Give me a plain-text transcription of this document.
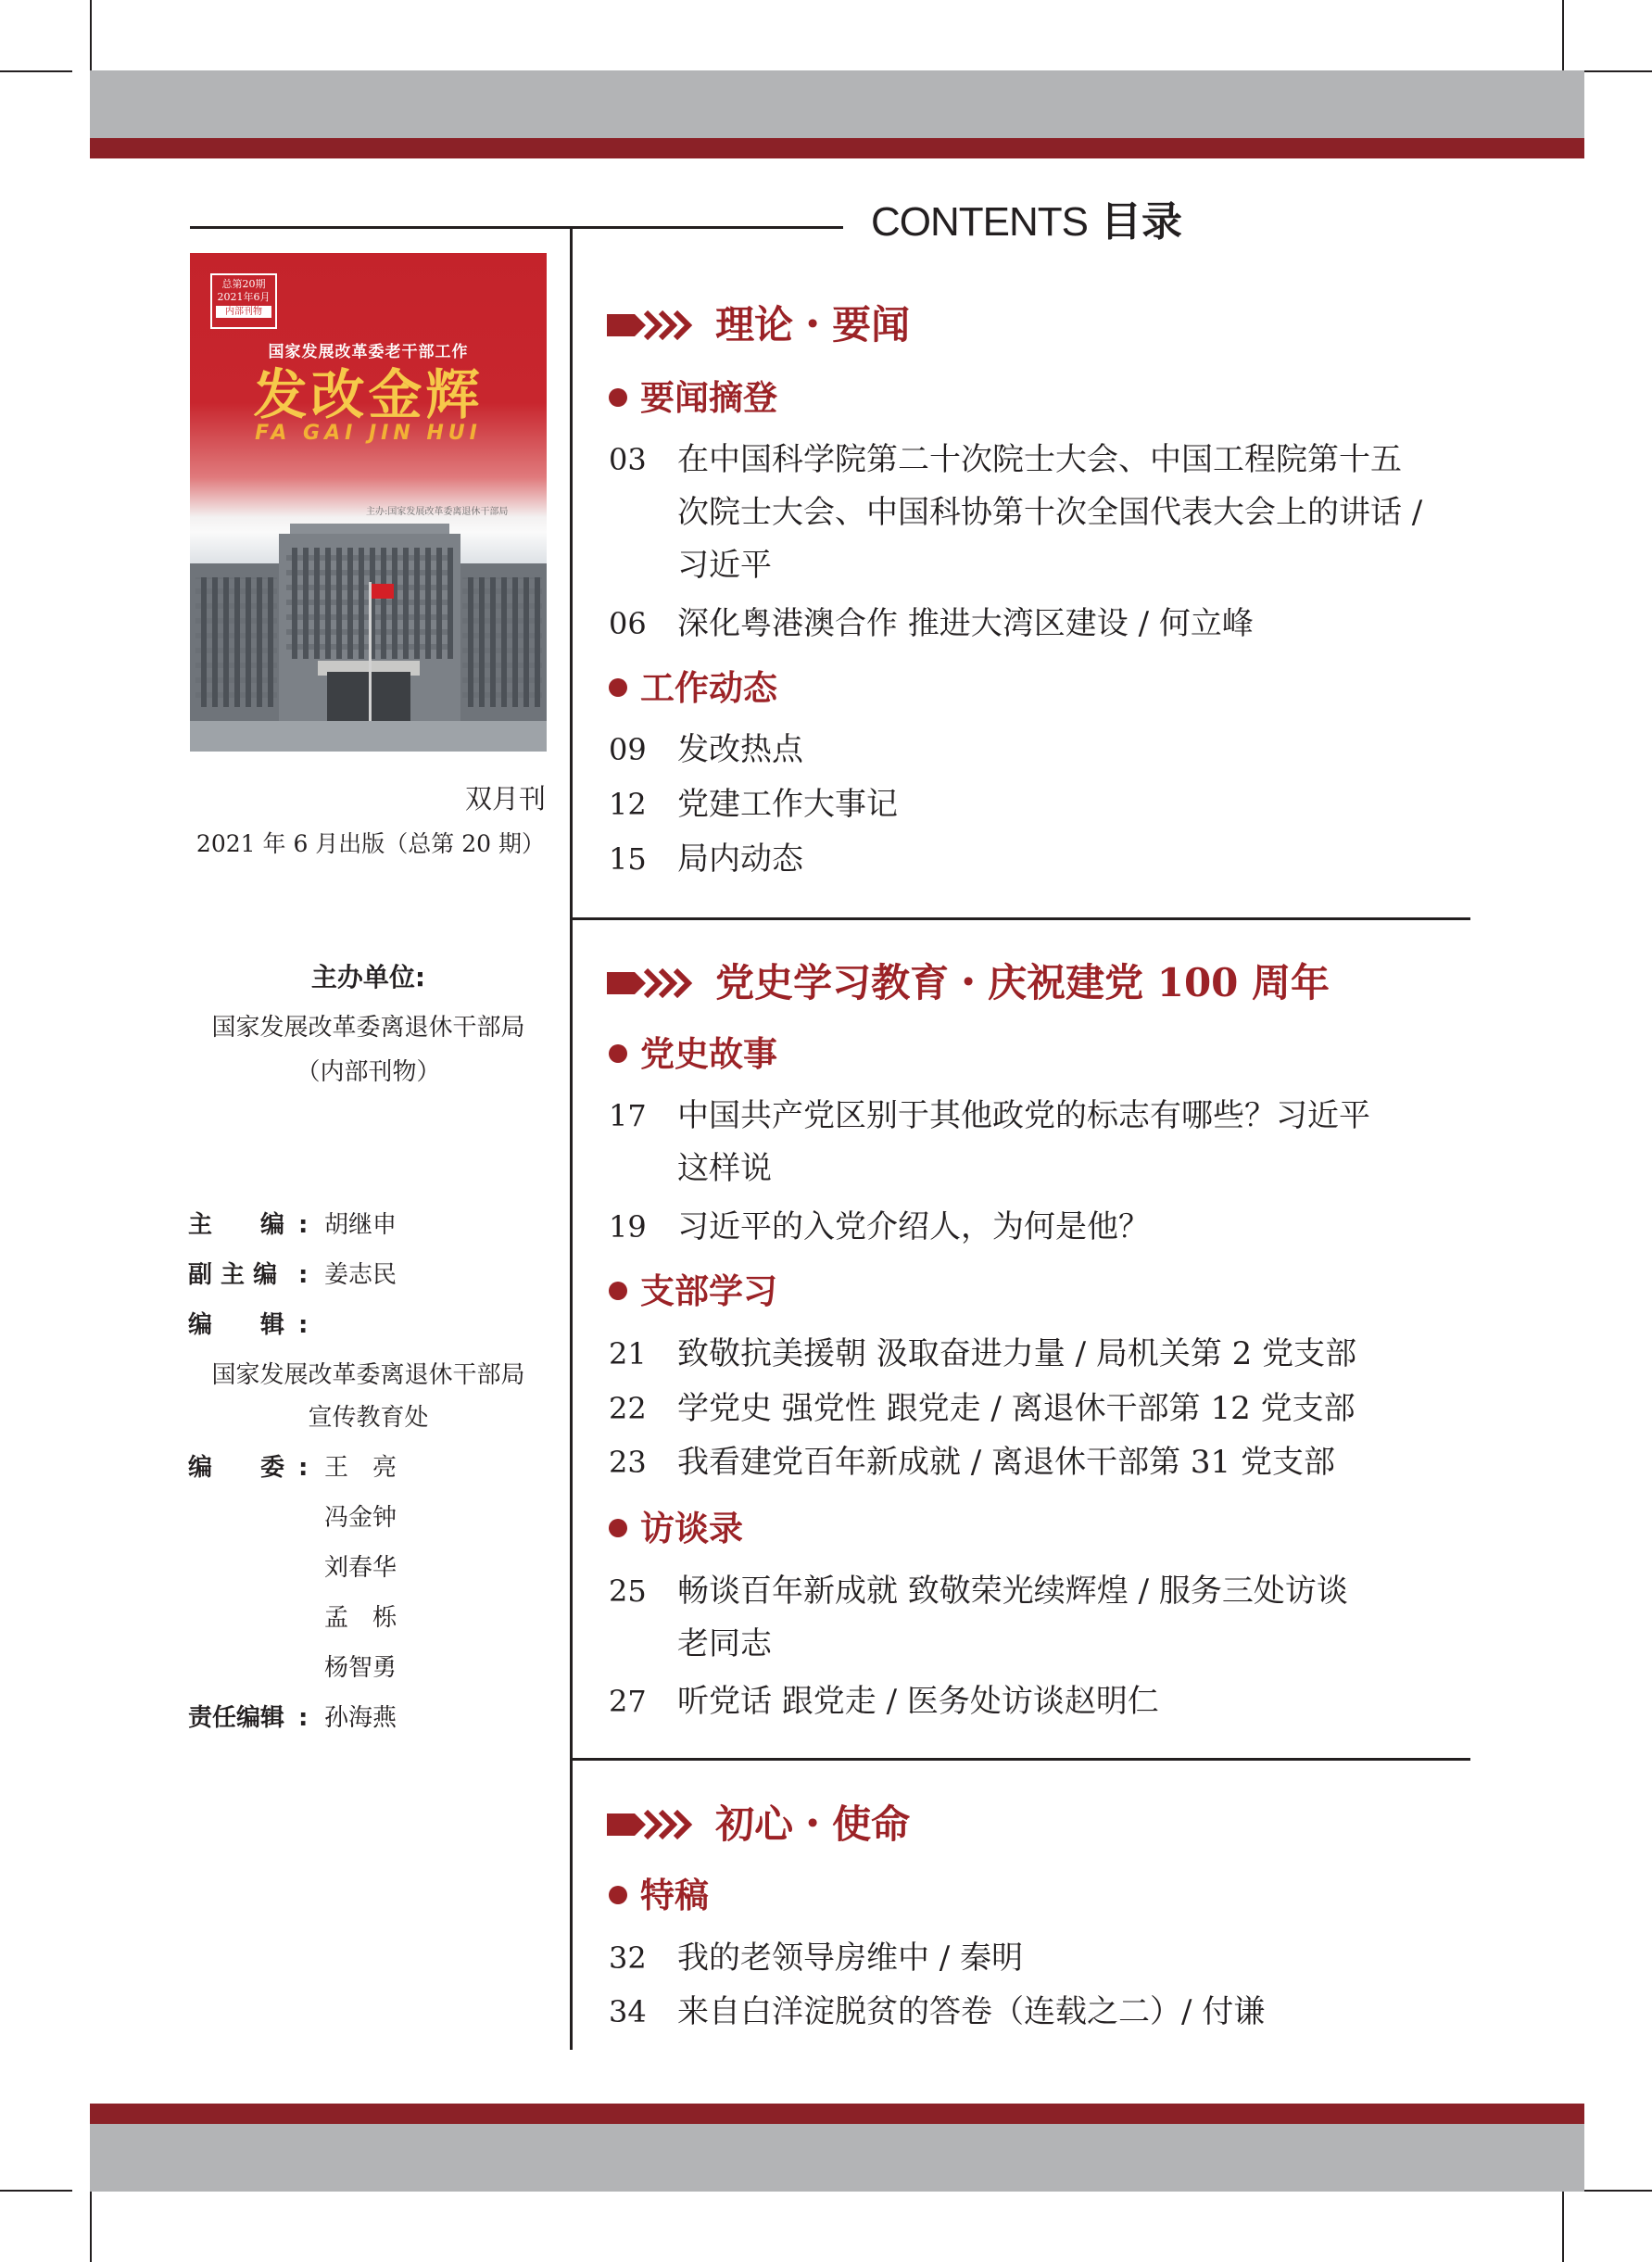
CONTENTS 目录
总第20期
2021年6月
内部刊物
国家发展改革委老干部工作
发改金辉
FA GAI JIN HUI
主办:国家发展改革委离退休干部局
双月刊
2021 年 6 月出版（总第 20 期）
主办单位:
国家发展改革委离退休干部局
（内部刊物）
主　　编 : 胡继申
副 主 编 : 姜志民
编　　辑 :
国家发展改革委离退休干部局
宣传教育处
编　　委 : 王　亮
冯金钟
刘春华
孟　栎
杨智勇
责任编辑 : 孙海燕
理论・要闻
要闻摘登
03 在中国科学院第二十次院士大会、中国工程院第十五
次院士大会、中国科协第十次全国代表大会上的讲话 /
习近平
06 深化粤港澳合作 推进大湾区建设 / 何立峰
工作动态
09 发改热点
12 党建工作大事记
15 局内动态
党史学习教育・庆祝建党 100 周年
党史故事
17 中国共产党区别于其他政党的标志有哪些？习近平
这样说
19 习近平的入党介绍人，为何是他？
支部学习
21 致敬抗美援朝 汲取奋进力量 / 局机关第 2 党支部
22 学党史 强党性 跟党走 / 离退休干部第 12 党支部
23 我看建党百年新成就 / 离退休干部第 31 党支部
访谈录
25 畅谈百年新成就 致敬荣光续辉煌 / 服务三处访谈
老同志
27 听党话 跟党走 / 医务处访谈赵明仁
初心・使命
特稿
32 我的老领导房维中 / 秦明
34 来自白洋淀脱贫的答卷（连载之二）/ 付谦
